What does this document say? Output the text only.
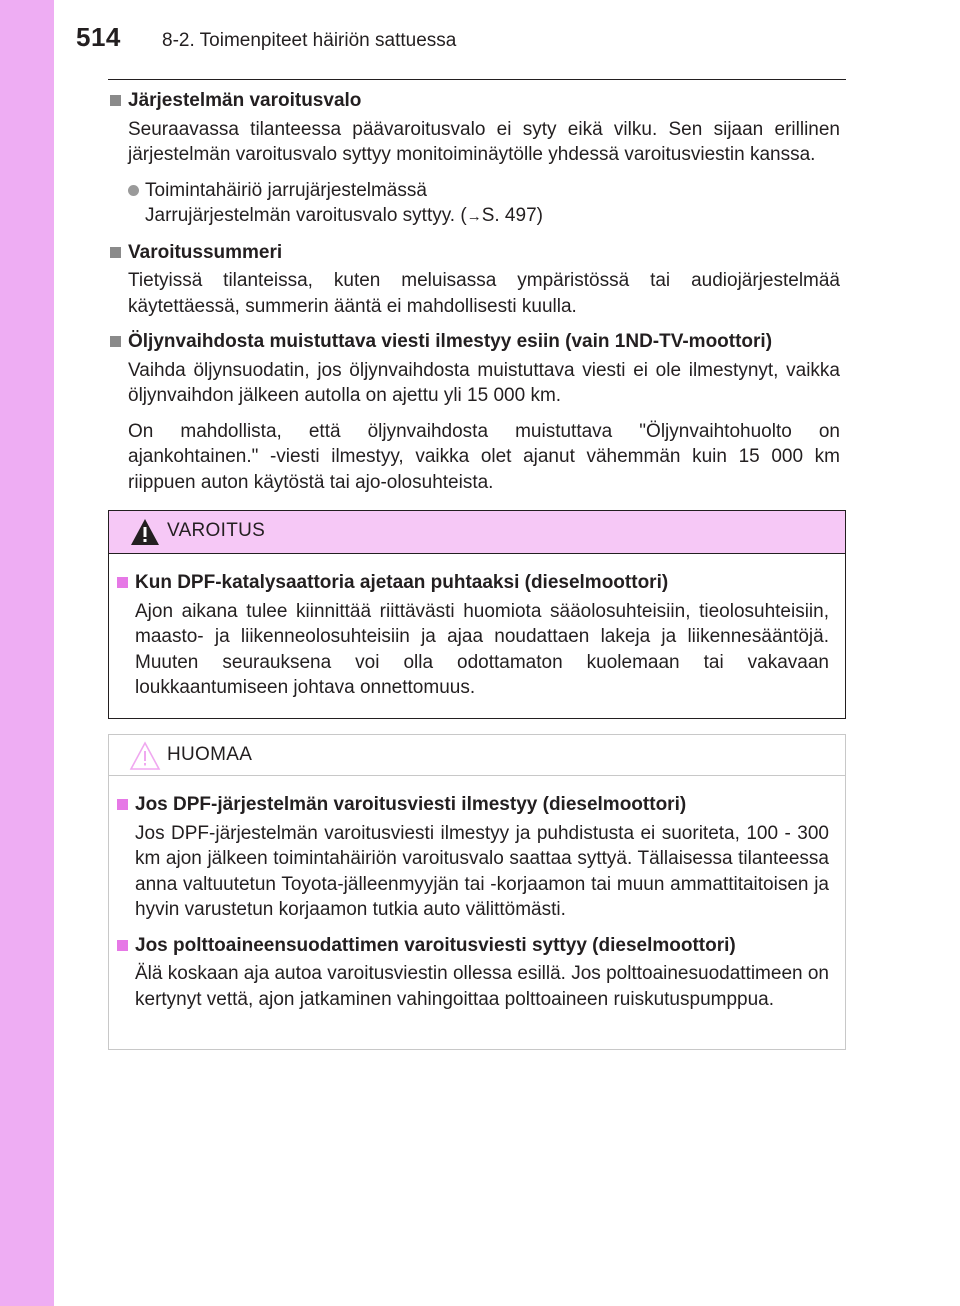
514 8-2. Toimenpiteet häiriön sattuessa
Järjestelmän varoitusvalo
Seuraavassa tilanteessa päävaroitusvalo ei syty eikä vilku. Sen sijaan erillinen järjestelmän varoitusvalo syttyy monitoiminäytölle yhdessä varoitusviestin kanssa.
Toimintahäiriö jarrujärjestelmässä
Jarrujärjestelmän varoitusvalo syttyy. (→S. 497)
Varoitussummeri
Tietyissä tilanteissa, kuten meluisassa ympäristössä tai audiojärjestelmää käytettäessä, summerin ääntä ei mahdollisesti kuulla.
Öljynvaihdosta muistuttava viesti ilmestyy esiin (vain 1ND-TV-moottori)
Vaihda öljynsuodatin, jos öljynvaihdosta muistuttava viesti ei ole ilmestynyt, vaikka öljynvaihdon jälkeen autolla on ajettu yli 15 000 km.
On mahdollista, että öljynvaihdosta muistuttava "Öljynvaihtohuolto on ajankohtainen." -viesti ilmestyy, vaikka olet ajanut vähemmän kuin 15 000 km riippuen auton käytöstä tai ajo-olosuhteista.
VAROITUS
Kun DPF-katalysaattoria ajetaan puhtaaksi (dieselmoottori)
Ajon aikana tulee kiinnittää riittävästi huomiota sääolosuhteisiin, tieolosuhteisiin, maasto- ja liikenneolosuhteisiin ja ajaa noudattaen lakeja ja liikennesääntöjä. Muuten seurauksena voi olla odottamaton kuolemaan tai vakavaan loukkaantumiseen johtava onnettomuus.
HUOMAA
Jos DPF-järjestelmän varoitusviesti ilmestyy (dieselmoottori)
Jos DPF-järjestelmän varoitusviesti ilmestyy ja puhdistusta ei suoriteta, 100 - 300 km ajon jälkeen toimintahäiriön varoitusvalo saattaa syttyä. Tällaisessa tilanteessa anna valtuutetun Toyota-jälleenmyyjän tai -korjaamon tai muun ammattitaitoisen ja hyvin varustetun korjaamon tutkia auto välittömästi.
Jos polttoaineensuodattimen varoitusviesti syttyy (dieselmoottori)
Älä koskaan aja autoa varoitusviestin ollessa esillä. Jos polttoainesuodattimeen on kertynyt vettä, ajon jatkaminen vahingoittaa polttoaineen ruiskutuspumppua.
